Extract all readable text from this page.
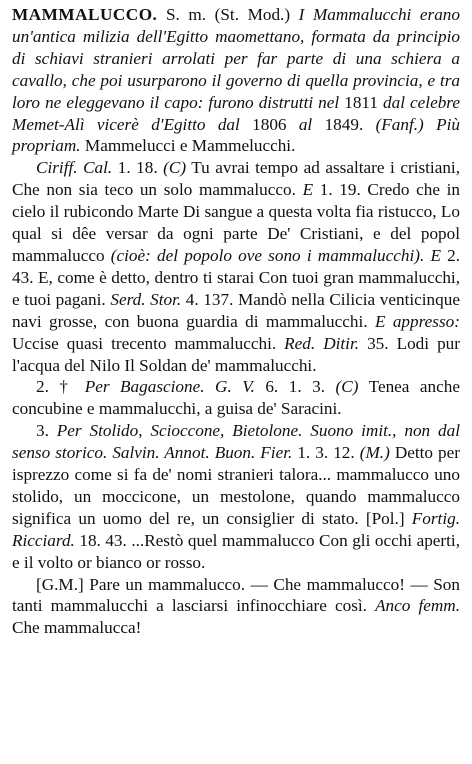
MAMMALUCCO. S. m. (St. Mod.) I Mammalucchi erano un'antica milizia dell'Egitto maomettano, formata da principio di schiavi stranieri arrolati per far parte di una schiera a cavallo, che poi usurparono il governo di quella provincia, e tra loro ne eleggevano il capo: furono distrutti nel 1811 dal celebre Memet-Alì vicerè d'Egitto dal 1806 al 1849. (Fanf.) Più propriam. Mammelucci e Mammelucchi.

Ciriff. Cal. 1. 18. (C) Tu avrai tempo ad assaltare i cristiani, Che non sia teco un solo mammalucco. E 1. 19. Credo che in cielo il rubicondo Marte Di sangue a questa volta fia ristucco, Lo qual si dêe versar da ogni parte De' Cristiani, e del popol mammalucco (cioè: del popolo ove sono i mammalucchi). E 2. 43. E, come è detto, dentro ti starai Con tuoi gran mammalucchi, e tuoi pagani. Serd. Stor. 4. 137. Mandò nella Cilicia venticinque navi grosse, con buona guardia di mammalucchi. E appresso: Uccise quasi trecento mammalucchi. Red. Ditir. 35. Lodi pur l'acqua del Nilo Il Soldan de' mammalucchi.

2. † Per Bagascione. G. V. 6. 1. 3. (C) Tenea anche concubine e mammalucchi, a guisa de' Saracini.

3. Per Stolido, Scioccone, Bietolone. Suono imit., non dal senso storico. Salvin. Annot. Buon. Fier. 1. 3. 12. (M.) Detto per isprezzo come si fa de' nomi stranieri talora... mammalucco uno stolido, un moccicone, un mestolone, quando mammalucco significa un uomo del re, un consiglier di stato. [Pol.] Fortig. Ricciard. 18. 43. ...Restò quel mammalucco Con gli occhi aperti, e il volto or bianco or rosso.

[G.M.] Pare un mammalucco. — Che mammalucco! — Son tanti mammalucchi a lasciarsi infinocchiare così. Anco femm. Che mammalucca!
